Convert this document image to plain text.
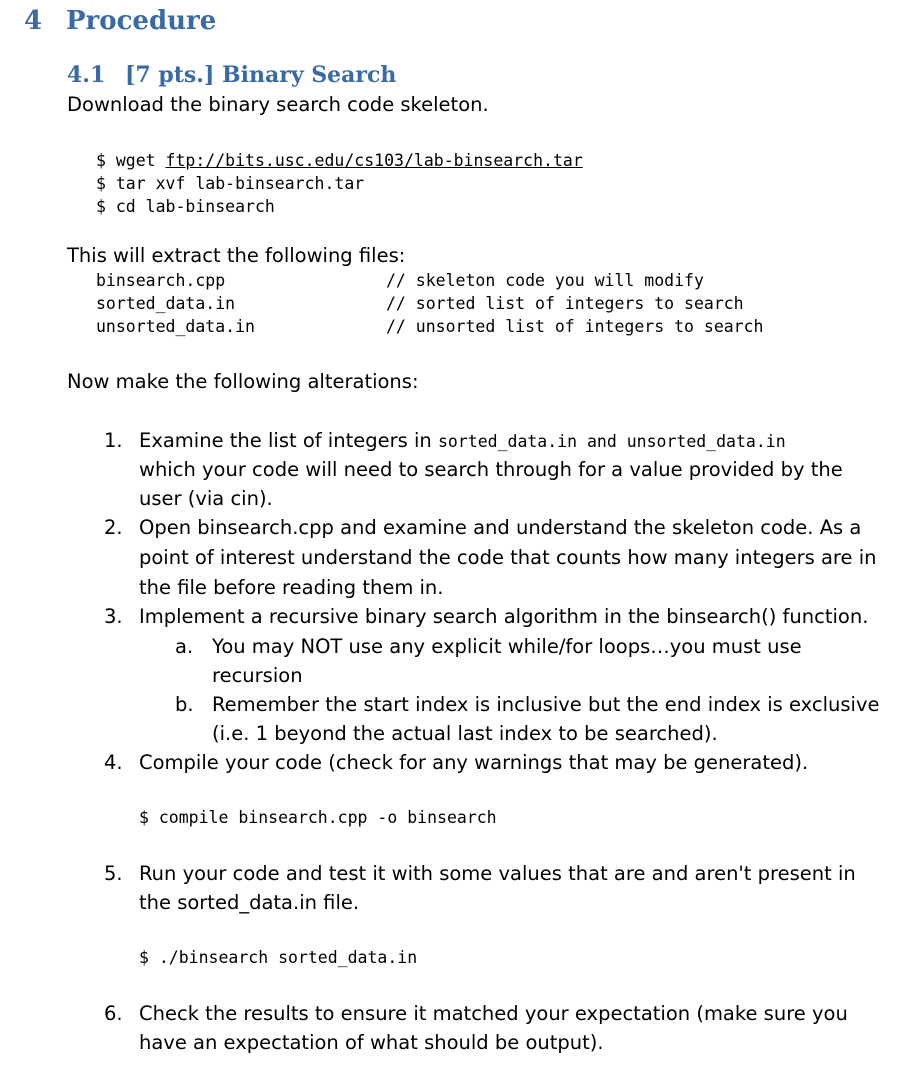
4 Procedure
4.1 [7 pts.] Binary Search
Download the binary search code skeleton.
$ wget ftp://bits.usc.edu/cs103/lab-binsearch.tar
$ tar xvf lab-binsearch.tar
$ cd lab-binsearch
This will extract the following files:
binsearch.cpp	// skeleton code you will modify
sorted_data.in	// sorted list of integers to search
unsorted_data.in	// unsorted list of integers to search
Now make the following alterations:
1. Examine the list of integers in sorted_data.in and unsorted_data.in
which your code will need to search through for a value provided by the
user (via cin).
2. Open binsearch.cpp and examine and understand the skeleton code. As a
point of interest understand the code that counts how many integers are in
the file before reading them in.
3. Implement a recursive binary search algorithm in the binsearch() function.
a. You may NOT use any explicit while/for loops…you must use
recursion
b. Remember the start index is inclusive but the end index is exclusive
(i.e. 1 beyond the actual last index to be searched).
4. Compile your code (check for any warnings that may be generated).
$ compile binsearch.cpp -o binsearch
5. Run your code and test it with some values that are and aren't present in
the sorted_data.in file.
$ ./binsearch sorted_data.in
6. Check the results to ensure it matched your expectation (make sure you
have an expectation of what should be output).
